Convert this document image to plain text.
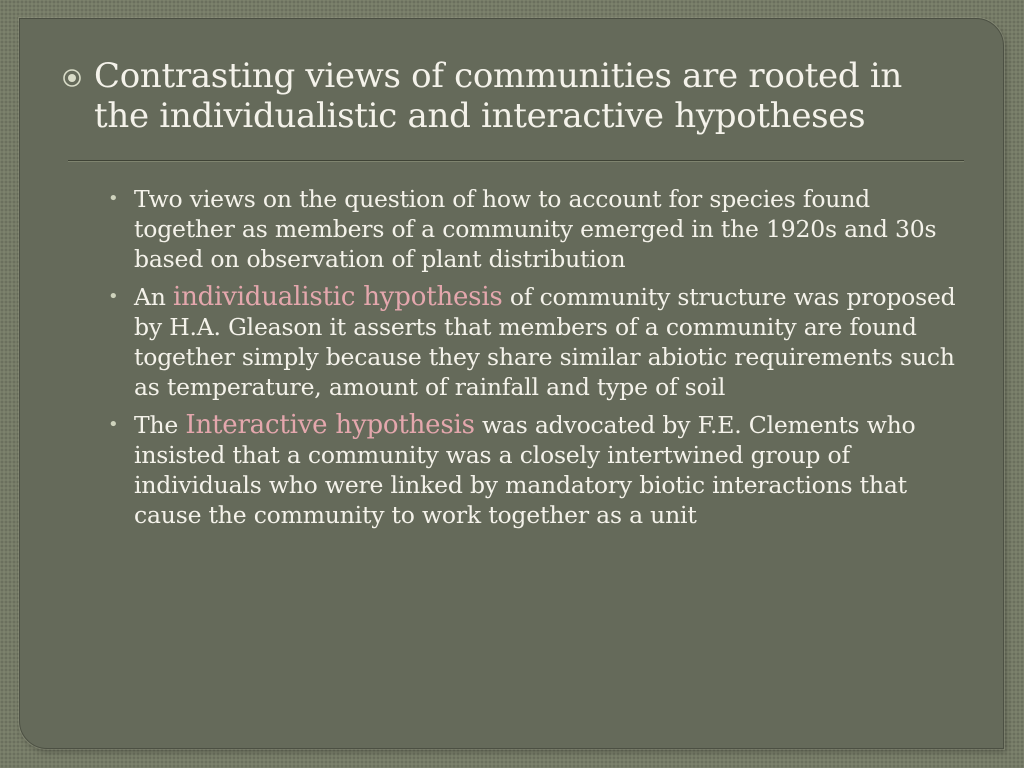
Contrasting views of communities are rooted in the individualistic and interactive hypotheses
• Two views on the question of how to account for species found together as members of a community emerged in the 1920s and 30s based on observation of plant distribution
• An individualistic hypothesis of community structure was proposed by H.A. Gleason it asserts that members of a community are found together simply because they share similar abiotic requirements such as temperature, amount of rainfall and type of soil
• The Interactive hypothesis was advocated by F.E. Clements who insisted that a community was a closely intertwined group of individuals who were linked by mandatory biotic interactions that cause the community to work together as a unit
